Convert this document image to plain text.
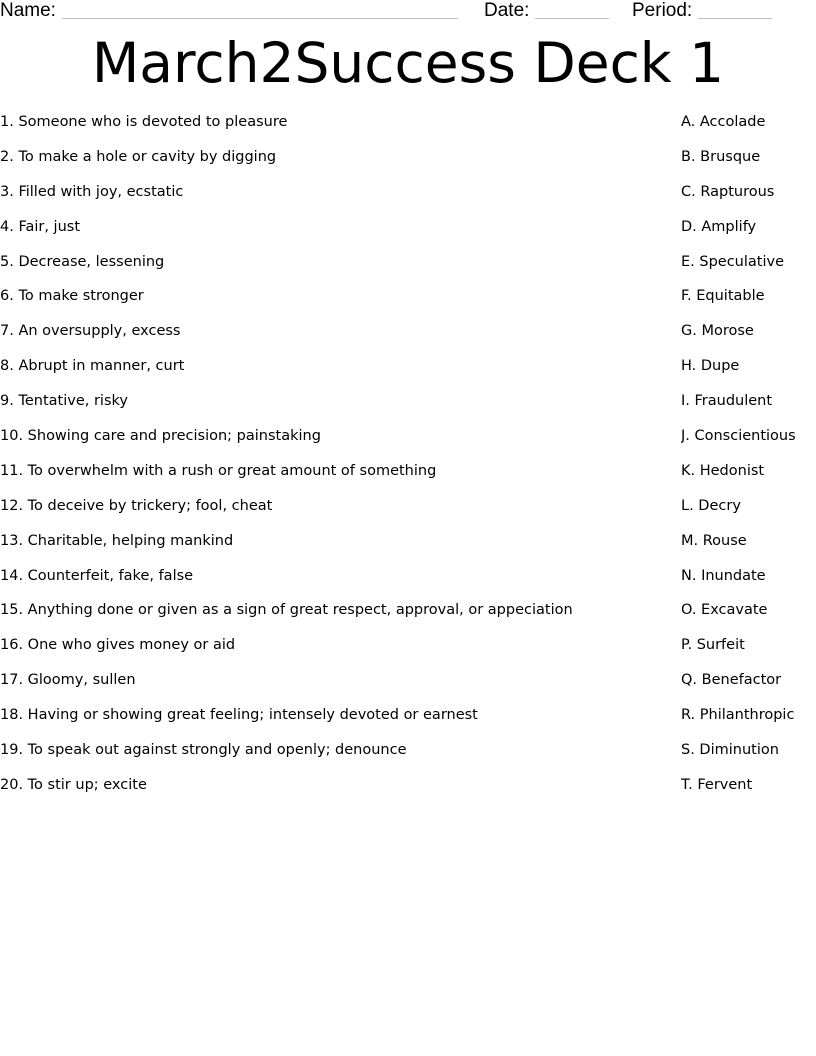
Name:	Date:	Period:
March2Success Deck 1
1. Someone who is devoted to pleasure
2. To make a hole or cavity by digging
3. Filled with joy, ecstatic
4. Fair, just
5. Decrease, lessening
6. To make stronger
7. An oversupply, excess
8. Abrupt in manner, curt
9. Tentative, risky
10. Showing care and precision; painstaking
11. To overwhelm with a rush or great amount of something
12. To deceive by trickery; fool, cheat
13. Charitable, helping mankind
14. Counterfeit, fake, false
15. Anything done or given as a sign of great respect, approval, or appeciation
16. One who gives money or aid
17. Gloomy, sullen
18. Having or showing great feeling; intensely devoted or earnest
19. To speak out against strongly and openly; denounce
20. To stir up; excite
A. Accolade
B. Brusque
C. Rapturous
D. Amplify
E. Speculative
F. Equitable
G. Morose
H. Dupe
I. Fraudulent
J. Conscientious
K. Hedonist
L. Decry
M. Rouse
N. Inundate
O. Excavate
P. Surfeit
Q. Benefactor
R. Philanthropic
S. Diminution
T. Fervent
